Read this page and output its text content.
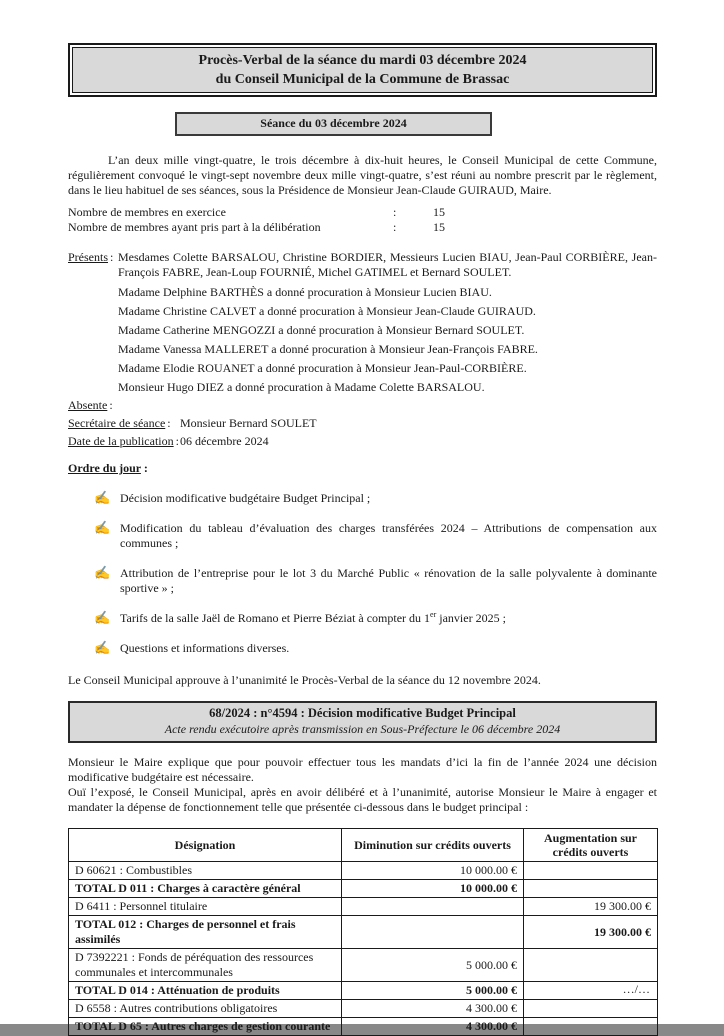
Procès-Verbal de la séance du mardi 03 décembre 2024
du Conseil Municipal de la Commune de Brassac
Séance du 03 décembre 2024

L’an deux mille vingt-quatre, le trois décembre à dix-huit heures, le Conseil Municipal de cette Commune, régulièrement convoqué le vingt-sept novembre deux mille vingt-quatre, s’est réuni au nombre prescrit par le règlement, dans le lieu habituel de ses séances, sous la Présidence de Monsieur Jean-Claude GUIRAUD, Maire.

Nombre de membres en exercice	:	15
Nombre de membres ayant pris part à la délibération	:	15
Présents : Mesdames Colette BARSALOU, Christine BORDIER, Messieurs Lucien BIAU, Jean-Paul CORBIÈRE, Jean-François FABRE, Jean-Loup FOURNIÉ, Michel GATIMEL et Bernard SOULET.
Madame Delphine BARTHÈS a donné procuration à Monsieur Lucien BIAU.
Madame Christine CALVET a donné procuration à Monsieur Jean-Claude GUIRAUD.
Madame Catherine MENGOZZI a donné procuration à Monsieur Bernard SOULET.
Madame Vanessa MALLERET a donné procuration à Monsieur Jean-François FABRE.
Madame Elodie ROUANET a donné procuration à Monsieur Jean-Paul-CORBIÈRE.
Monsieur Hugo DIEZ a donné procuration à Madame Colette BARSALOU.
Absente :
Secrétaire de séance : Monsieur Bernard SOULET
Date de la publication :06 décembre 2024
Ordre du jour :
✍ Décision modificative budgétaire Budget Principal ;
✍ Modification du tableau d’évaluation des charges transférées 2024 – Attributions de compensation aux communes ;
✍ Attribution de l’entreprise pour le lot 3 du Marché Public « rénovation de la salle polyvalente à dominante sportive » ;
✍ Tarifs de la salle Jaël de Romano et Pierre Béziat à compter du 1er janvier 2025 ;
✍ Questions et informations diverses.
Le Conseil Municipal approuve à l’unanimité le Procès-Verbal de la séance du 12 novembre 2024.
68/2024 : n°4594 : Décision modificative Budget Principal
Acte rendu exécutoire après transmission en Sous-Préfecture le 06 décembre 2024

Monsieur le Maire explique que pour pouvoir effectuer tous les mandats d’ici la fin de l’année 2024 une décision modificative budgétaire est nécessaire.

Ouï l’exposé, le Conseil Municipal, après en avoir délibéré et à l’unanimité, autorise Monsieur le Maire à engager et mandater la dépense de fonctionnement telle que présentée ci-dessous dans le budget principal :

Désignation	Diminution sur crédits ouverts	Augmentation sur crédits ouverts
D 60621 : Combustibles	10 000.00 €	
TOTAL D 011 : Charges à caractère général	10 000.00 €	
D 6411 : Personnel titulaire		19 300.00 €
TOTAL 012 : Charges de personnel et frais assimilés		19 300.00 €
D 7392221 : Fonds de péréquation des ressources communales et intercommunales	5 000.00 €	
TOTAL D 014 : Atténuation de produits	5 000.00 €	
D 6558 : Autres contributions obligatoires	4 300.00 €	
TOTAL D 65 : Autres charges de gestion courante	4 300.00 €	
…/…
